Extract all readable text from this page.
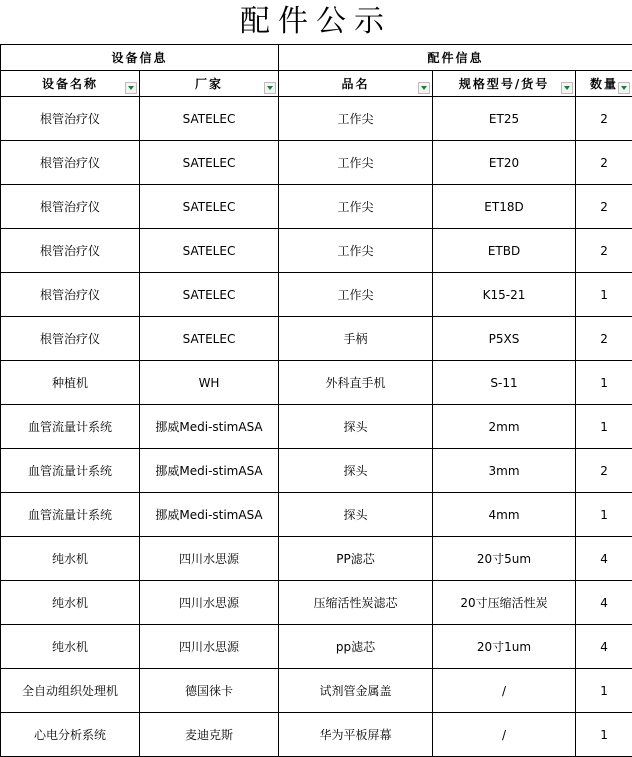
配件公示
设备信息		配件信息		
设备名称	厂家	品名	规格型号/货号	数量

根管治疗仪	SATELEC	工作尖	ET25	2
根管治疗仪	SATELEC	工作尖	ET20	2
根管治疗仪	SATELEC	工作尖	ET18D	2
根管治疗仪	SATELEC	工作尖	ETBD	2
根管治疗仪	SATELEC	工作尖	K15-21	1
根管治疗仪	SATELEC	手柄	P5XS	2
种植机	WH	外科直手机	S-11	1
血管流量计系统	挪威Medi-stimASA	探头	2mm	1
血管流量计系统	挪威Medi-stimASA	探头	3mm	2
血管流量计系统	挪威Medi-stimASA	探头	4mm	1
纯水机	四川水思源	PP滤芯	20寸5um	4
纯水机	四川水思源	压缩活性炭滤芯	20寸压缩活性炭	4
纯水机	四川水思源	pp滤芯	20寸1um	4
全自动组织处理机	德国徕卡	试剂管金属盖	/	1
心电分析系统	麦迪克斯	华为平板屏幕	/	1
